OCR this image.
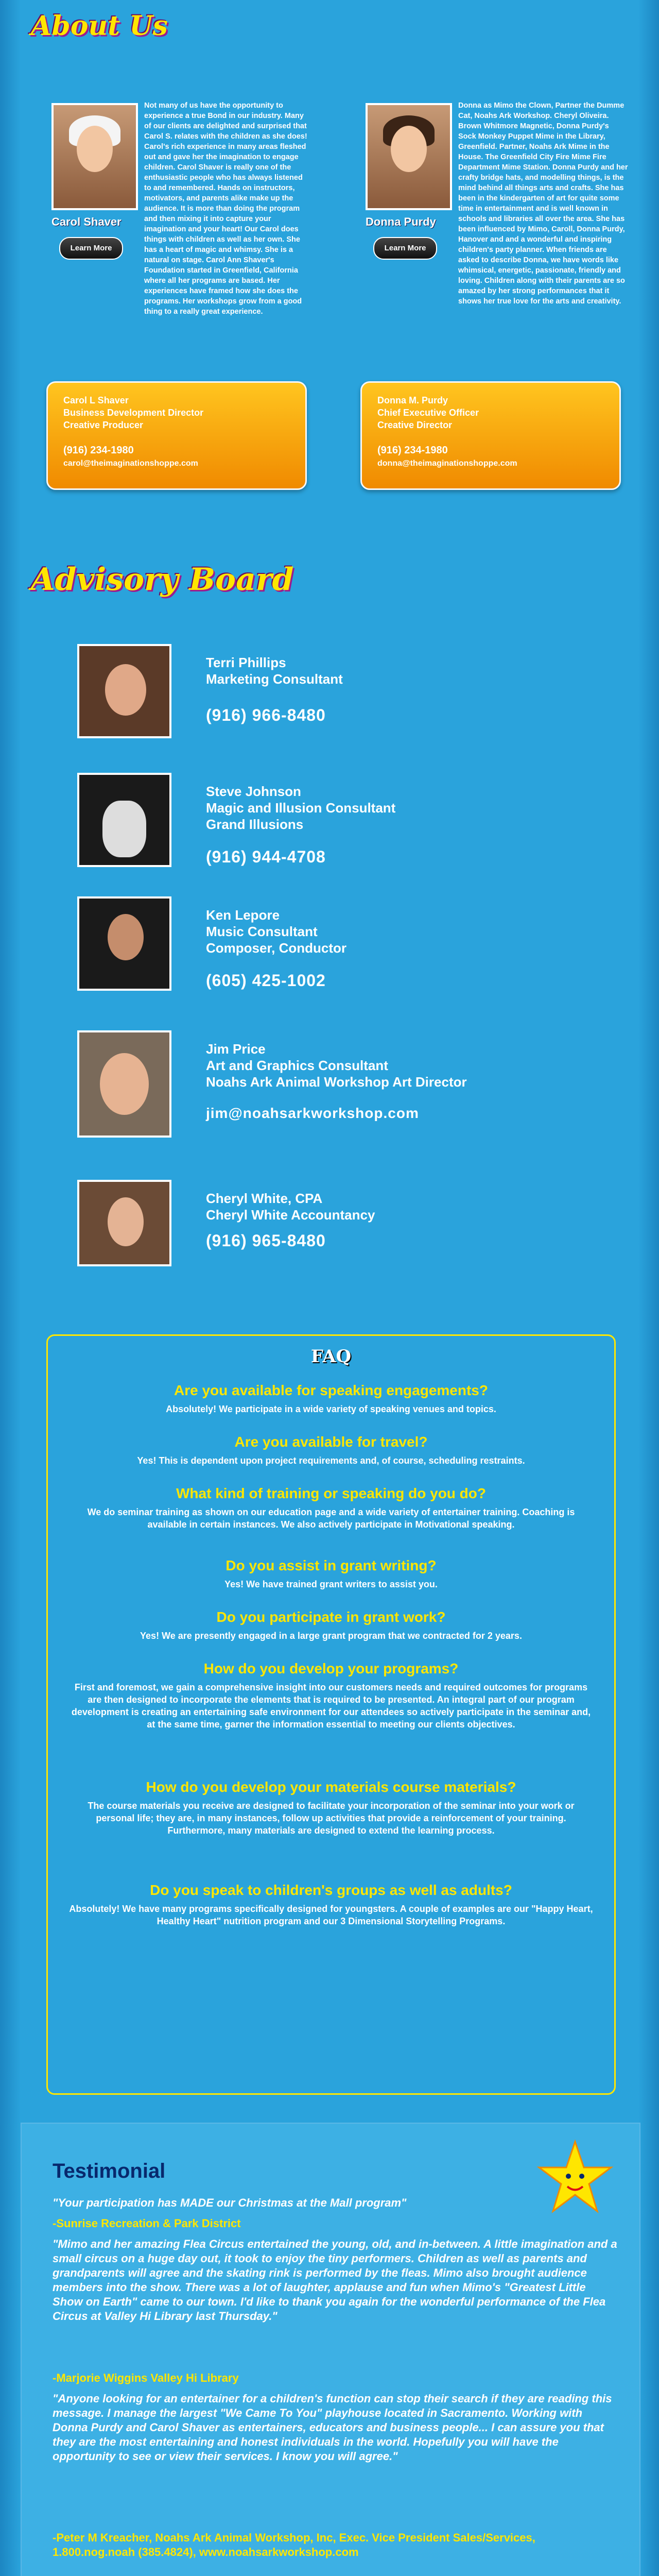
About Us
Carol Shaver
Learn More
Not many of us have the opportunity to experience a true Bond in our industry. Many of our clients are delighted and surprised that Carol S. relates with the children as she does! Carol's rich experience in many areas fleshed out and gave her the imagination to engage children. Carol Shaver is really one of the enthusiastic people who has always listened to and remembered. Hands on instructors, motivators, and parents alike make up the audience. It is more than doing the program and then mixing it into capture your imagination and your heart! Our Carol does things with children as well as her own. She has a heart of magic and whimsy. She is a natural on stage. Carol Ann Shaver's Foundation started in Greenfield, California where all her programs are based. Her experiences have framed how she does the programs. Her workshops grow from a good thing to a really great experience.
Donna Purdy
Learn More
Donna as Mimo the Clown, Partner the Dumme Cat, Noahs Ark Workshop. Cheryl Oliveira. Brown Whitmore Magnetic, Donna Purdy's Sock Monkey Puppet Mime in the Library, Greenfield. Partner, Noahs Ark Mime in the House. The Greenfield City Fire Mime Fire Department Mime Station. Donna Purdy and her crafty bridge hats, and modelling things, is the mind behind all things arts and crafts. She has been in the kindergarten of art for quite some time in entertainment and is well known in schools and libraries all over the area. She has been influenced by Mimo, Caroll, Donna Purdy, Hanover and and a wonderful and inspiring children's party planner. When friends are asked to describe Donna, we have words like whimsical, energetic, passionate, friendly and loving. Children along with their parents are so amazed by her strong performances that it shows her true love for the arts and creativity.
Carol L Shaver
Business Development Director
Creative Producer
(916) 234-1980
carol@theimaginationshoppe.com
Donna M. Purdy
Chief Executive Officer
Creative Director
(916) 234-1980
donna@theimaginationshoppe.com
Advisory Board
Terri Phillips
Marketing Consultant
(916) 966-8480
Steve Johnson
Magic and Illusion Consultant
Grand Illusions
(916) 944-4708
Ken Lepore
Music Consultant
Composer, Conductor
(605) 425-1002
Jim Price
Art and Graphics Consultant
Noahs Ark Animal Workshop Art Director
jim@noahsarkworkshop.com
Cheryl White, CPA
Cheryl White Accountancy
(916) 965-8480
FAQ
Are you available for speaking engagements?
Absolutely! We participate in a wide variety of speaking venues and topics.
Are you available for travel?
Yes! This is dependent upon project requirements and, of course, scheduling restraints.
What kind of training or speaking do you do?
We do seminar training as shown on our education page and a wide variety of entertainer training. Coaching is available in certain instances. We also actively participate in Motivational speaking.
Do you assist in grant writing?
Yes! We have trained grant writers to assist you.
Do you participate in grant work?
Yes! We are presently engaged in a large grant program that we contracted for 2 years.
How do you develop your programs?
First and foremost, we gain a comprehensive insight into our customers needs and required outcomes for programs are then designed to incorporate the elements that is required to be presented. An integral part of our program development is creating an entertaining safe environment for our attendees so actively participate in the seminar and, at the same time, garner the information essential to meeting our clients objectives.
How do you develop your materials course materials?
The course materials you receive are designed to facilitate your incorporation of the seminar into your work or personal life; they are, in many instances, follow up activities that provide a reinforcement of your training. Furthermore, many materials are designed to extend the learning process.
Do you speak to children's groups as well as adults?
Absolutely! We have many programs specifically designed for youngsters. A couple of examples are our "Happy Heart, Healthy Heart" nutrition program and our 3 Dimensional Storytelling Programs.
Testimonial
"Your participation has MADE our Christmas at the Mall program"
-Sunrise Recreation & Park District
"Mimo and her amazing Flea Circus entertained the young, old, and in-between. A little imagination and a small circus on a huge day out, it took to enjoy the tiny performers. Children as well as parents and grandparents will agree and the skating rink is performed by the fleas. Mimo also brought audience members into the show. There was a lot of laughter, applause and fun when Mimo's "Greatest Little Show on Earth" came to our town. I'd like to thank you again for the wonderful performance of the Flea Circus at Valley Hi Library last Thursday."
-Marjorie Wiggins Valley Hi Library
"Anyone looking for an entertainer for a children's function can stop their search if they are reading this message. I manage the largest "We Came To You" playhouse located in Sacramento. Working with Donna Purdy and Carol Shaver as entertainers, educators and business people... I can assure you that they are the most entertaining and honest individuals in the world. Hopefully you will have the opportunity to see or view their services. I know you will agree."
-Peter M Kreacher, Noahs Ark Animal Workshop, Inc, Exec. Vice President Sales/Services, 1.800.nog.noah (385.4824), www.noahsarkworkshop.com
